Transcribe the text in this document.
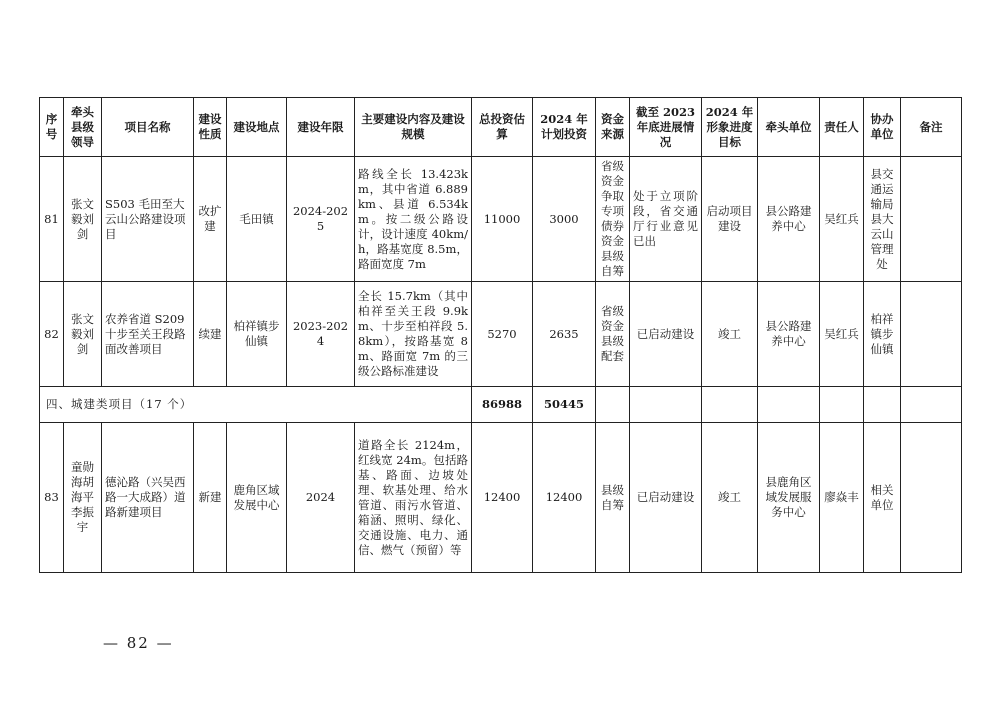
序号	牵头县级领导	项目名称	建设性质	建设地点	建设年限	主要建设内容及建设规模	总投资估算	2024 年计划投资	资金来源	截至 2023 年底进展情况	2024 年形象进度目标	牵头单位	责任人	协办单位	备注
81	张文毅刘　剑	S503 毛田至大云山公路建设项目	改扩建	毛田镇	2024-2025	路线全长 13.423km，其中省道 6.889km、县道 6.534km。按二级公路设计，设计速度 40km/h，路基宽度 8.5m，路面宽度 7m	11000	3000	省级资金争取专项债券资金县级自筹	处于立项阶段，省交通厅行业意见已出	启动项目建设	县公路建养中心	吴红兵	县交通运输局县大云山管理处	
82	张文毅刘　剑	农养省道 S209 十步至关王段路面改善项目	续建	柏祥镇步仙镇	2023-2024	全长 15.7km（其中柏祥至关王段 9.9km、十步至柏祥段 5.8km），按路基宽 8m、路面宽 7m 的三级公路标准建设	5270	2635	省级资金县级配套	已启动建设	竣工	县公路建养中心	吴红兵	柏祥镇步仙镇	
四、城建类项目（17 个）							86988	50445							
83	童勋海胡海平李振宇	德沁路（兴吴西路一大成路）道路新建项目	新建	鹿角区域发展中心	2024	道路全长 2124m，红线宽 24m。包括路基、路面、边坡处理、软基处理、给水管道、雨污水管道、箱涵、照明、绿化、交通设施、电力、通信、燃气（预留）等	12400	12400	县级自筹	已启动建设	竣工	县鹿角区域发展服务中心	廖焱丰	相关单位	
— 82 —
